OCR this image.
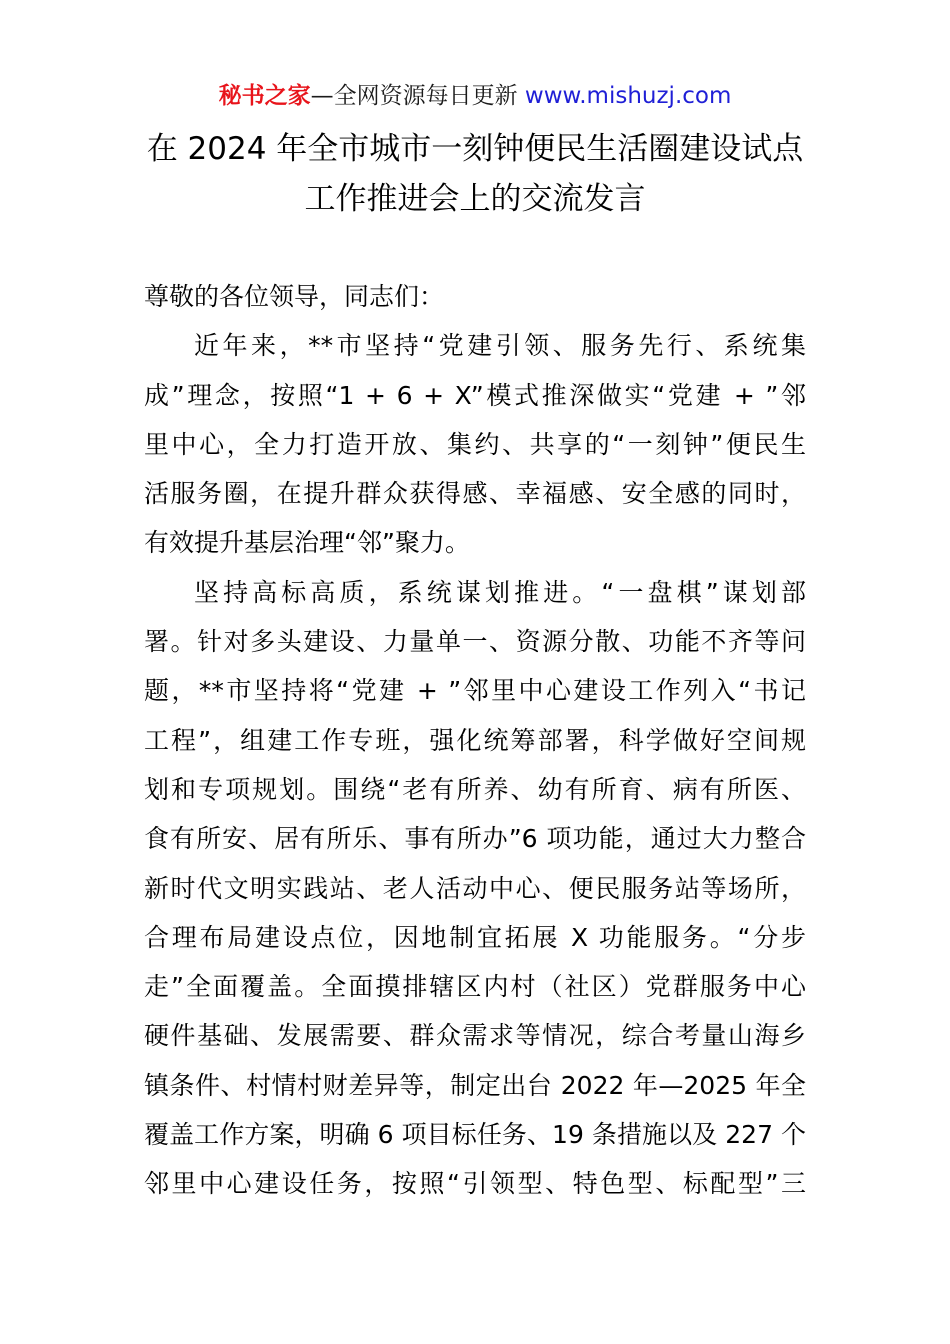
秘书之家—全网资源每日更新 www.mishuzj.com
在 2024 年全市城市一刻钟便民生活圈建设试点
工作推进会上的交流发言
尊敬的各位领导，同志们：
近年来，**市坚持“党建引领、服务先行、系统集
成”理念，按照“1 + 6 + X”模式推深做实“党建 + ”邻
里中心，全力打造开放、集约、共享的“一刻钟”便民生
活服务圈，在提升群众获得感、幸福感、安全感的同时，
有效提升基层治理“邻”聚力。
坚持高标高质，系统谋划推进。“一盘棋”谋划部
署。针对多头建设、力量单一、资源分散、功能不齐等问
题，**市坚持将“党建 + ”邻里中心建设工作列入“书记
工程”，组建工作专班，强化统筹部署，科学做好空间规
划和专项规划。围绕“老有所养、幼有所育、病有所医、
食有所安、居有所乐、事有所办”6 项功能，通过大力整合
新时代文明实践站、老人活动中心、便民服务站等场所，
合理布局建设点位，因地制宜拓展 X 功能服务。“分步
走”全面覆盖。全面摸排辖区内村（社区）党群服务中心
硬件基础、发展需要、群众需求等情况，综合考量山海乡
镇条件、村情村财差异等，制定出台 2022 年—2025 年全
覆盖工作方案，明确 6 项目标任务、19 条措施以及 227 个
邻里中心建设任务，按照“引领型、特色型、标配型”三
